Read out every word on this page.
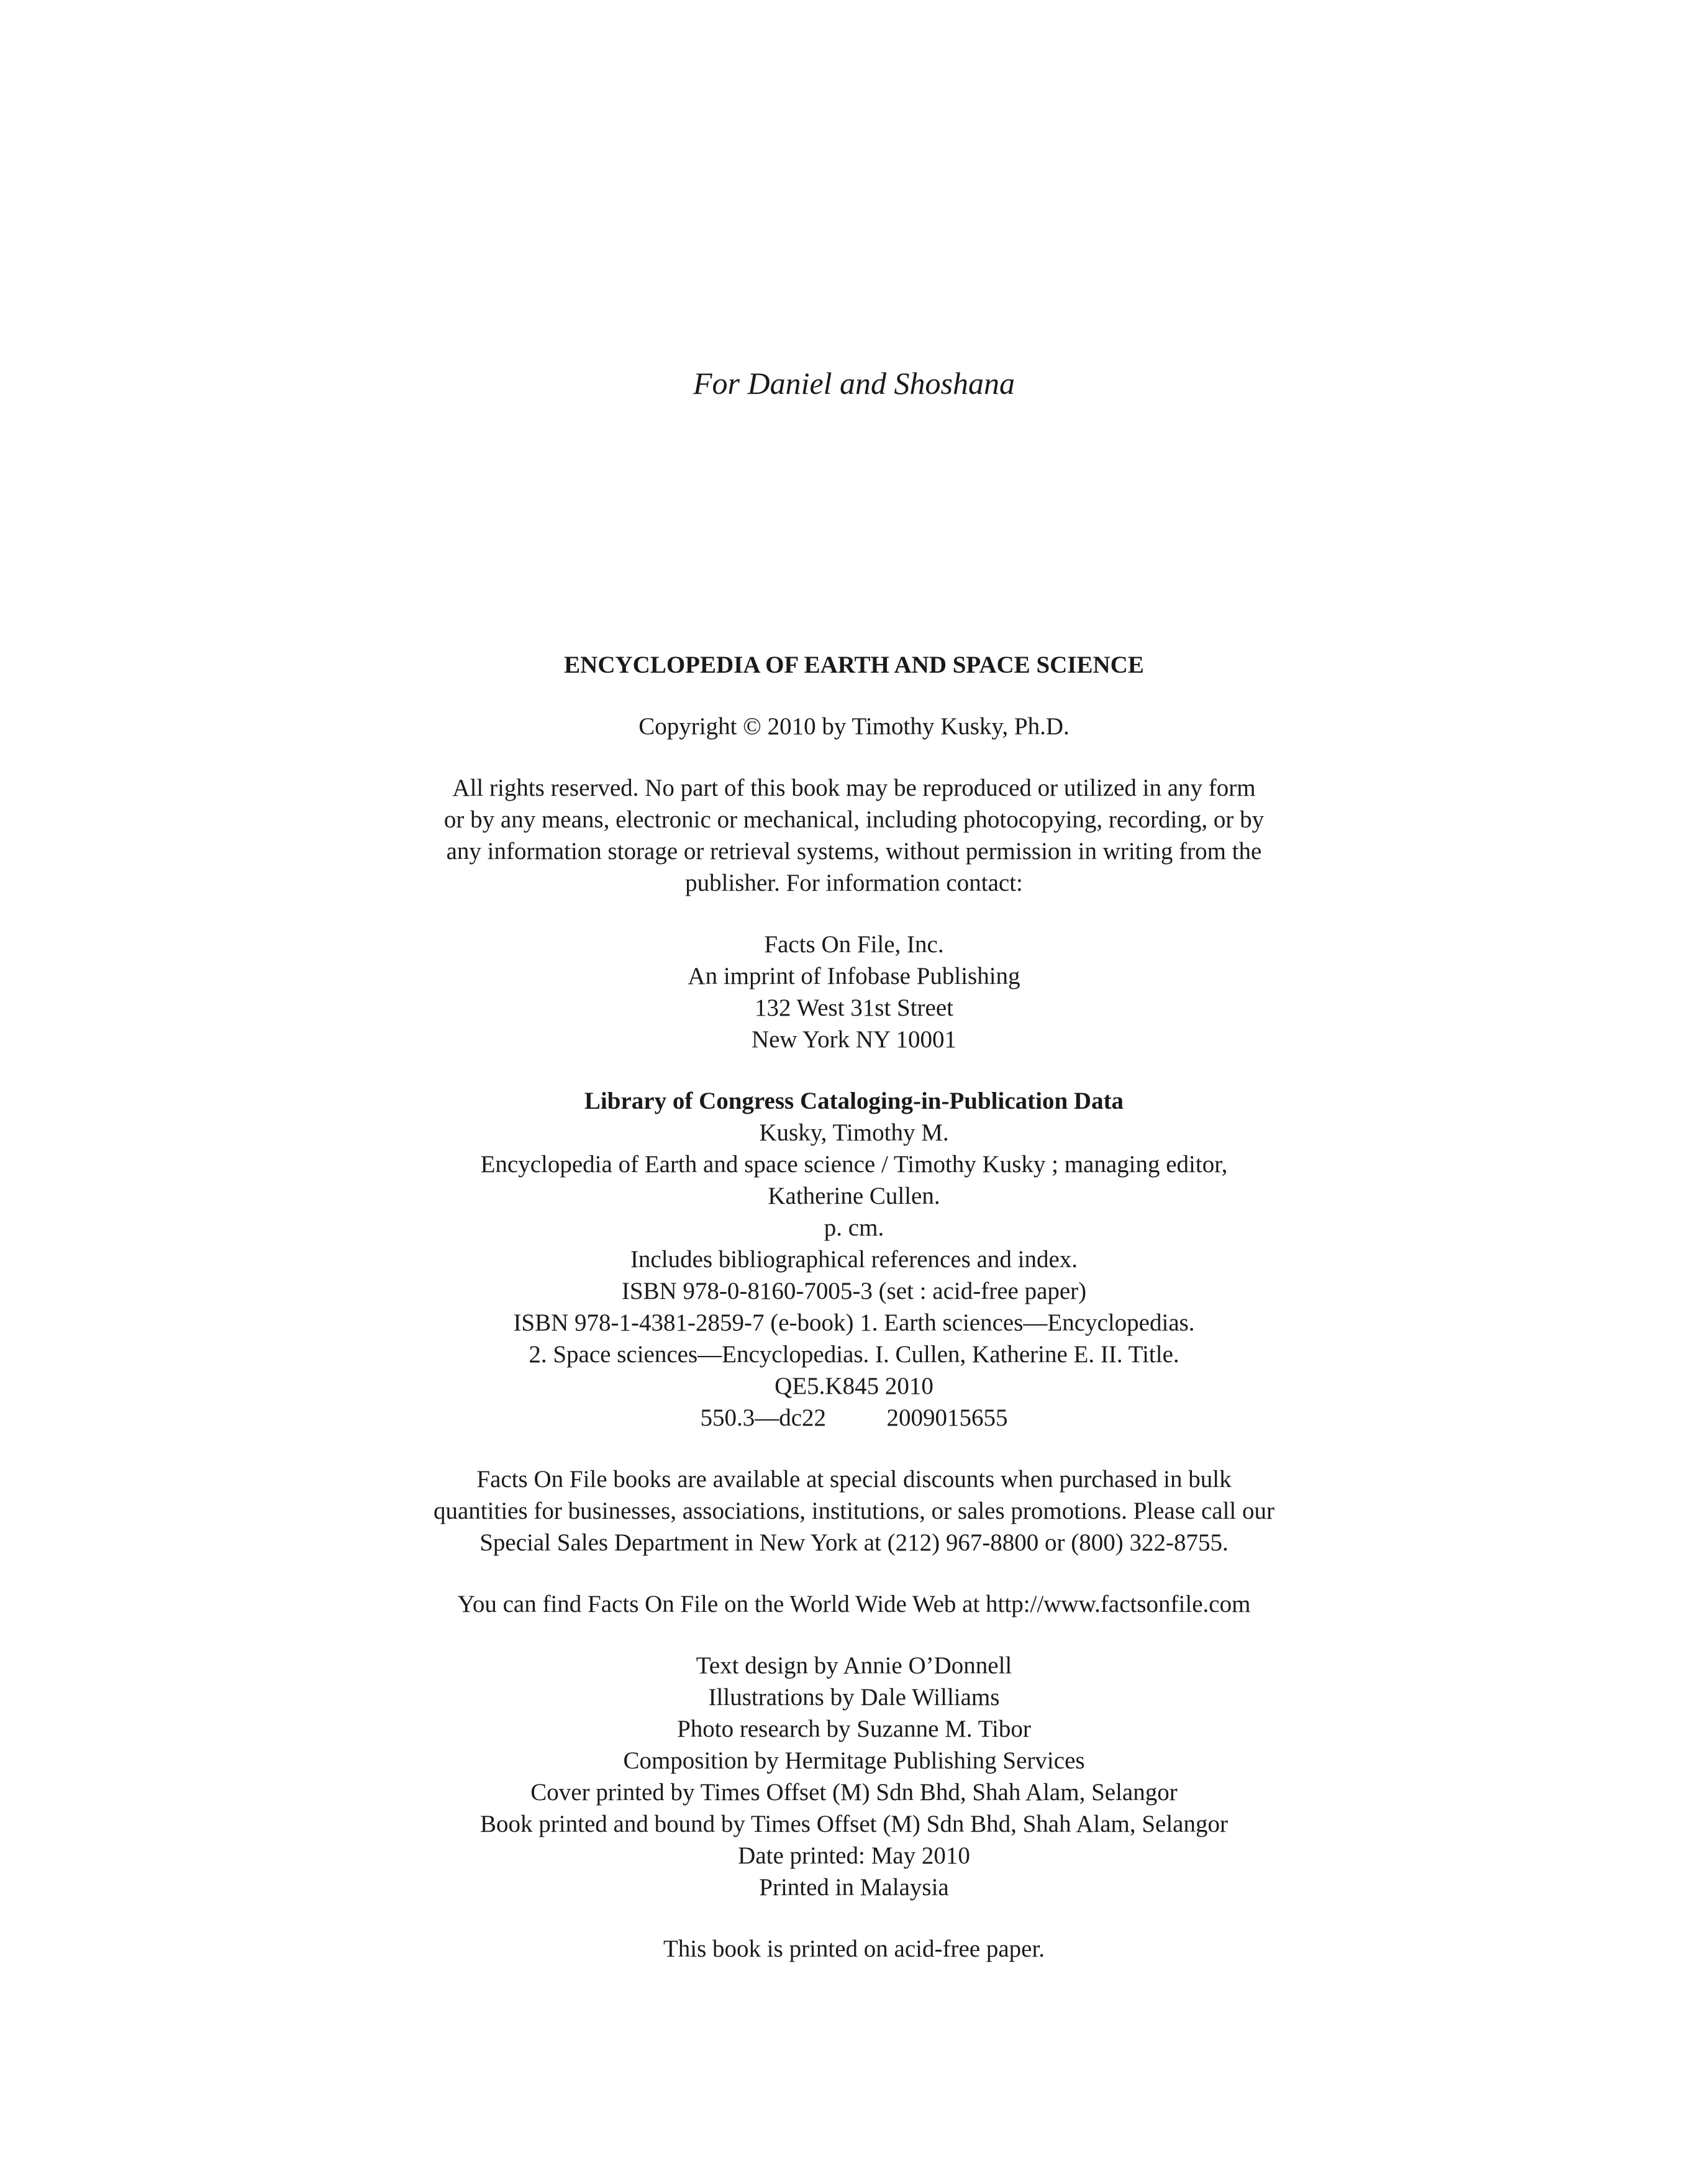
For Daniel and Shoshana

ENCYCLOPEDIA OF EARTH AND SPACE SCIENCE

Copyright © 2010 by Timothy Kusky, Ph.D.

All rights reserved. No part of this book may be reproduced or utilized in any form
or by any means, electronic or mechanical, including photocopying, recording, or by
any information storage or retrieval systems, without permission in writing from the
publisher. For information contact:

Facts On File, Inc.
An imprint of Infobase Publishing
132 West 31st Street
New York NY 10001

Library of Congress Cataloging-in-Publication Data
Kusky, Timothy M.
Encyclopedia of Earth and space science / Timothy Kusky ; managing editor,
Katherine Cullen.
p. cm.
Includes bibliographical references and index.
ISBN 978-0-8160-7005-3 (set : acid-free paper)
ISBN 978-1-4381-2859-7 (e-book) 1. Earth sciences—Encyclopedias.
2. Space sciences—Encyclopedias. I. Cullen, Katherine E. II. Title.
QE5.K845 2010
550.3—dc22 2009015655

Facts On File books are available at special discounts when purchased in bulk
quantities for businesses, associations, institutions, or sales promotions. Please call our
Special Sales Department in New York at (212) 967-8800 or (800) 322-8755.

You can find Facts On File on the World Wide Web at http://www.factsonfile.com

Text design by Annie O’Donnell
Illustrations by Dale Williams
Photo research by Suzanne M. Tibor
Composition by Hermitage Publishing Services
Cover printed by Times Offset (M) Sdn Bhd, Shah Alam, Selangor
Book printed and bound by Times Offset (M) Sdn Bhd, Shah Alam, Selangor
Date printed: May 2010
Printed in Malaysia

This book is printed on acid-free paper.
